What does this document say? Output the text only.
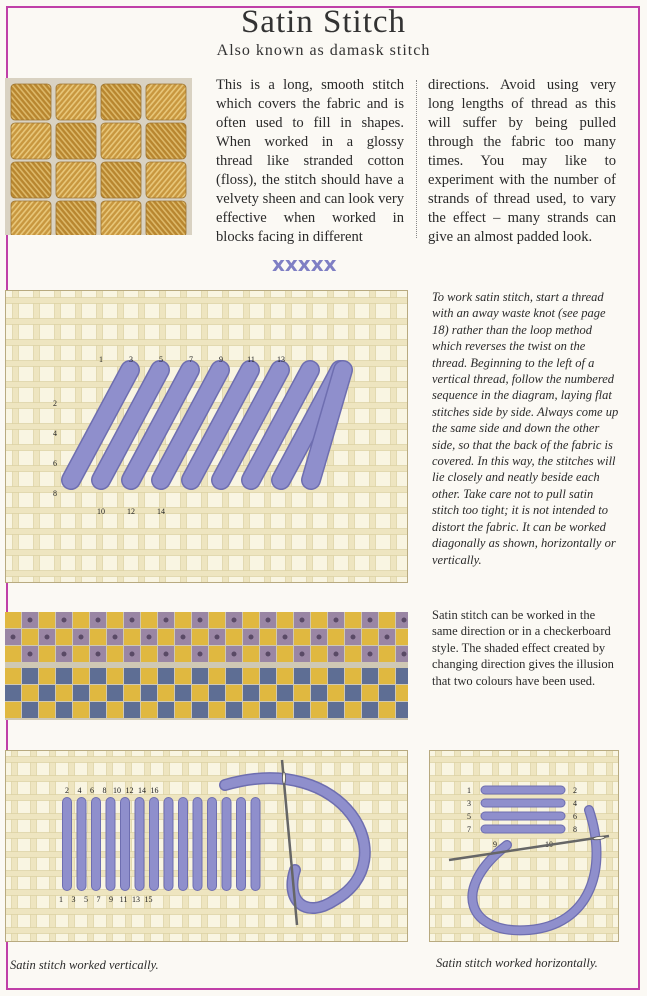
Satin Stitch
Also known as damask stitch

This is a long, smooth stitch which covers the fabric and is often used to fill in shapes. When worked in a glossy thread like stranded cotton (floss), the stitch should have a velvety sheen and can look very effective when worked in blocks facing in different

directions. Avoid using very long lengths of thread as this will suffer by being pulled through the fabric too many times. You may like to experiment with the number of strands of thread used, to vary the effect – many strands can give an almost padded look.

xxxxx
1	3	5	7	9	11	13
2
4
6
8
10	12	14

To work satin stitch, start a thread with an away waste knot (see page 18) rather than the loop method which reverses the twist on the thread. Beginning to the left of a vertical thread, follow the numbered sequence in the diagram, laying flat stitches side by side. Always come up the same side and down the other side, so that the back of the fabric is covered. In this way, the stitches will lie closely and neatly beside each other. Take care not to pull satin stitch too tight; it is not intended to distort the fabric. It can be worked diagonally as shown, horizontally or vertically.

Satin stitch can be worked in the same direction or in a checkerboard style. The shaded effect created by changing direction gives the illusion that two colours have been used.

2 4 6 8 10 12 14 16
1 3 5 7 9 11 13 15
1
3
5
7
9
2
4
6
8
Satin stitch worked vertically.	Satin stitch worked horizontally.
